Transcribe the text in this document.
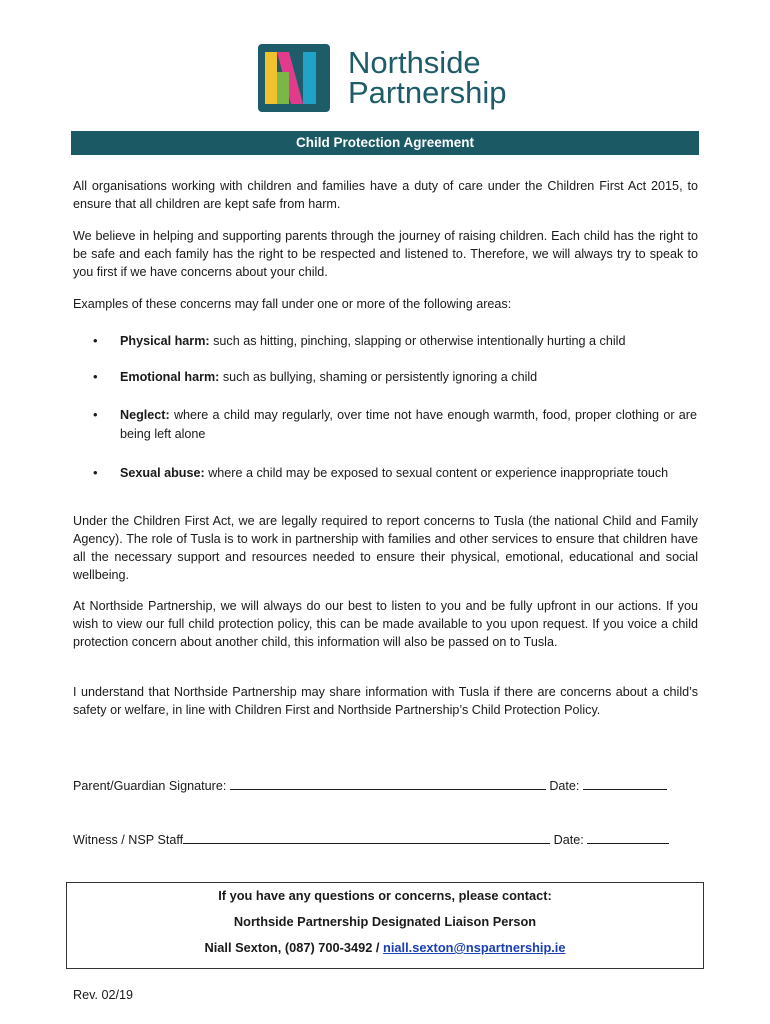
Northside
Partnership
Child Protection Agreement

All organisations working with children and families have a duty of care under the Children First Act 2015, to ensure that all children are kept safe from harm.

We believe in helping and supporting parents through the journey of raising children. Each child has the right to be safe and each family has the right to be respected and listened to. Therefore, we will always try to speak to you first if we have concerns about your child.

Examples of these concerns may fall under one or more of the following areas:

• Physical harm: such as hitting, pinching, slapping or otherwise intentionally hurting a child
• Emotional harm: such as bullying, shaming or persistently ignoring a child
• Neglect: where a child may regularly, over time not have enough warmth, food, proper clothing or are being left alone
• Sexual abuse: where a child may be exposed to sexual content or experience inappropriate touch

Under the Children First Act, we are legally required to report concerns to Tusla (the national Child and Family Agency). The role of Tusla is to work in partnership with families and other services to ensure that children have all the necessary support and resources needed to ensure their physical, emotional, educational and social wellbeing.

At Northside Partnership, we will always do our best to listen to you and be fully upfront in our actions. If you wish to view our full child protection policy, this can be made available to you upon request. If you voice a child protection concern about another child, this information will also be passed on to Tusla.

I understand that Northside Partnership may share information with Tusla if there are concerns about a child’s safety or welfare, in line with Children First and Northside Partnership’s Child Protection Policy.

Parent/Guardian Signature:	Date:
Witness / NSP Staff	Date:
If you have any questions or concerns, please contact:
Northside Partnership Designated Liaison Person
Niall Sexton, (087) 700-3492 / niall.sexton@nspartnership.ie
Rev. 02/19
